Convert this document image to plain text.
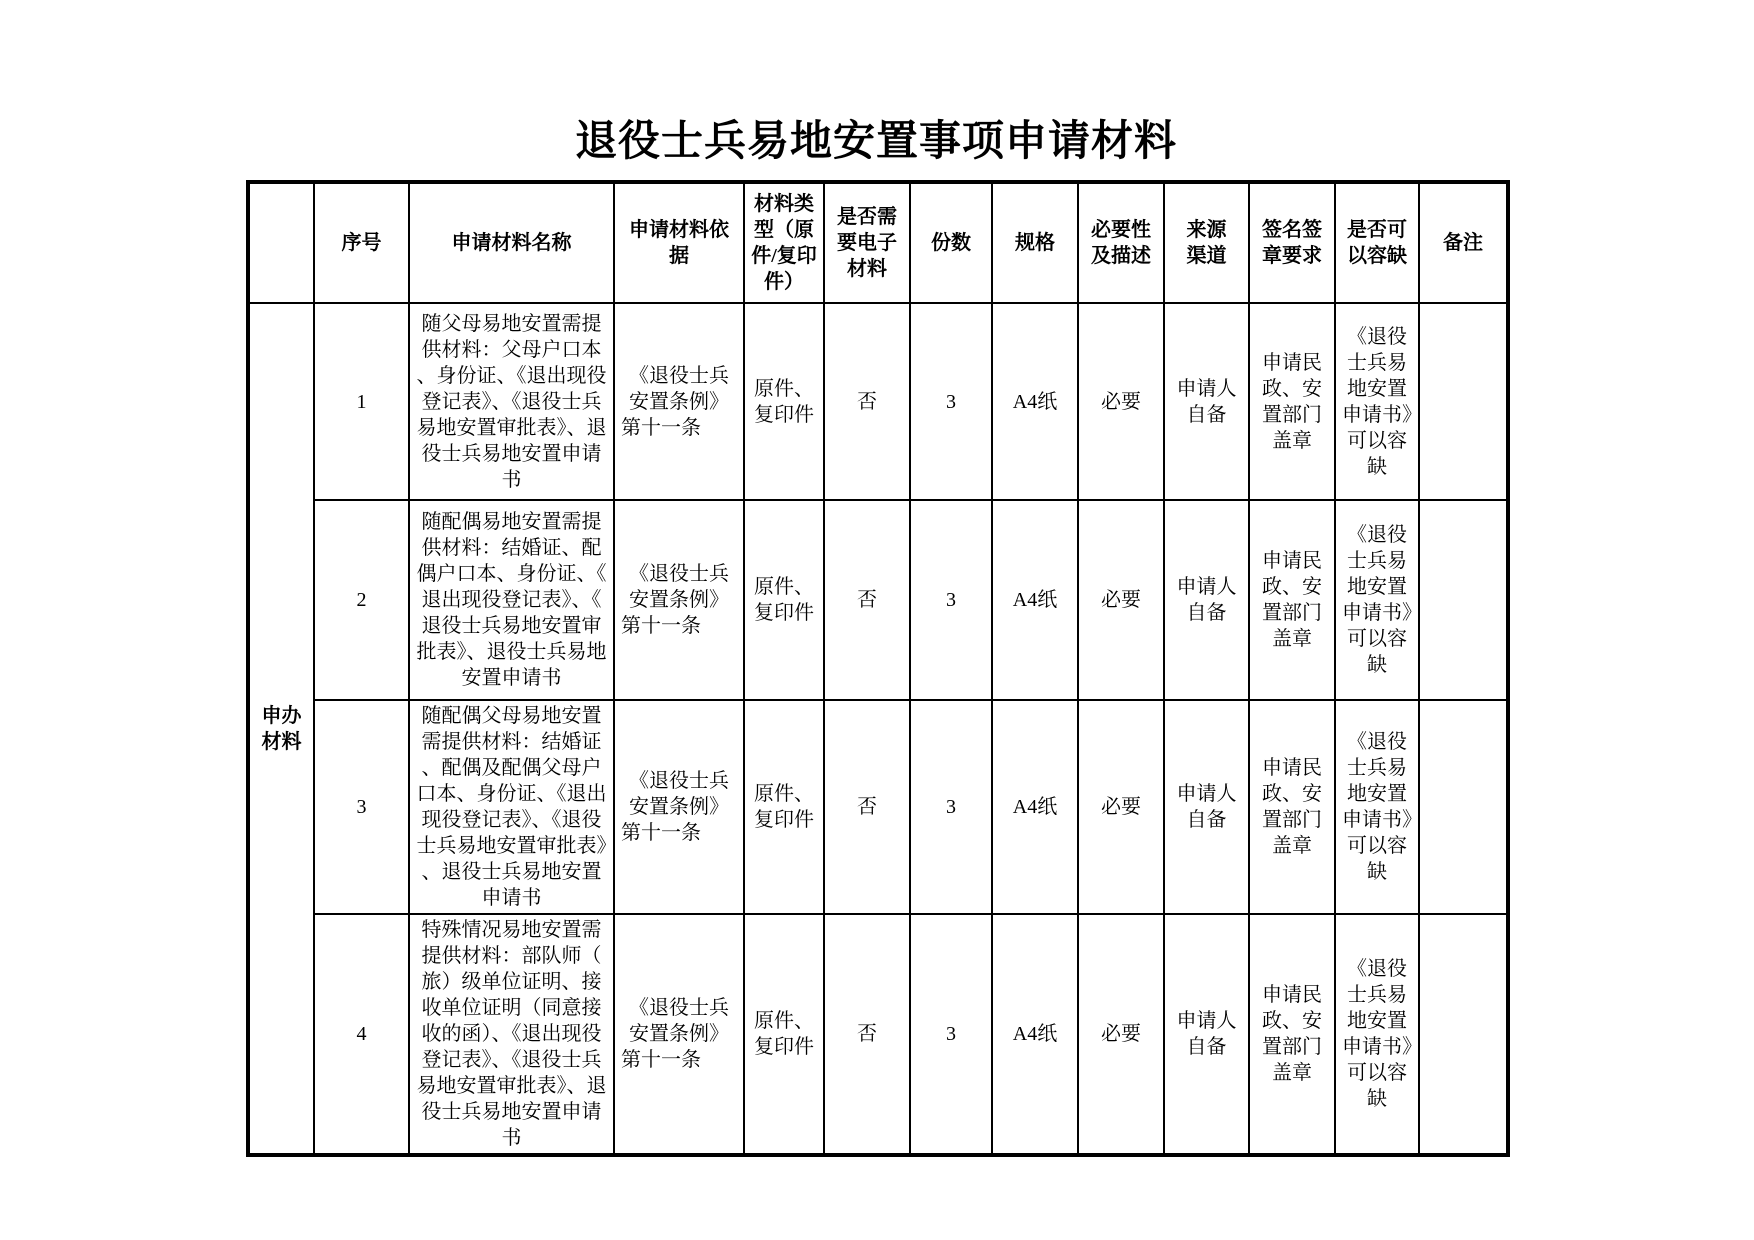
退役士兵易地安置事项申请材料
	序号	申请材料名称	申请材料依据	材料类型（原件/复印件）	是否需要电子材料	份数	规格	必要性及描述	来源渠道	签名签章要求	是否可以容缺	备注
申办材料	1	随父母易地安置需提供材料：父母户口本、身份证、《退出现役登记表》、《退役士兵易地安置审批表》、退役士兵易地安置申请书	《退役士兵安置条例》第十一条	原件、复印件	否	3	A4纸	必要	申请人自备	申请民政、安置部门盖章	《退役士兵易地安置申请书》可以容缺	
	2	随配偶易地安置需提供材料：结婚证、配偶户口本、身份证、《退出现役登记表》、《退役士兵易地安置审批表》、退役士兵易地安置申请书	《退役士兵安置条例》第十一条	原件、复印件	否	3	A4纸	必要	申请人自备	申请民政、安置部门盖章	《退役士兵易地安置申请书》可以容缺	
	3	随配偶父母易地安置需提供材料：结婚证、配偶及配偶父母户口本、身份证、《退出现役登记表》、《退役士兵易地安置审批表》、退役士兵易地安置申请书	《退役士兵安置条例》第十一条	原件、复印件	否	3	A4纸	必要	申请人自备	申请民政、安置部门盖章	《退役士兵易地安置申请书》可以容缺	
	4	特殊情况易地安置需提供材料：部队师（旅）级单位证明、接收单位证明（同意接收的函）、《退出现役登记表》、《退役士兵易地安置审批表》、退役士兵易地安置申请书	《退役士兵安置条例》第十一条	原件、复印件	否	3	A4纸	必要	申请人自备	申请民政、安置部门盖章	《退役士兵易地安置申请书》可以容缺	
